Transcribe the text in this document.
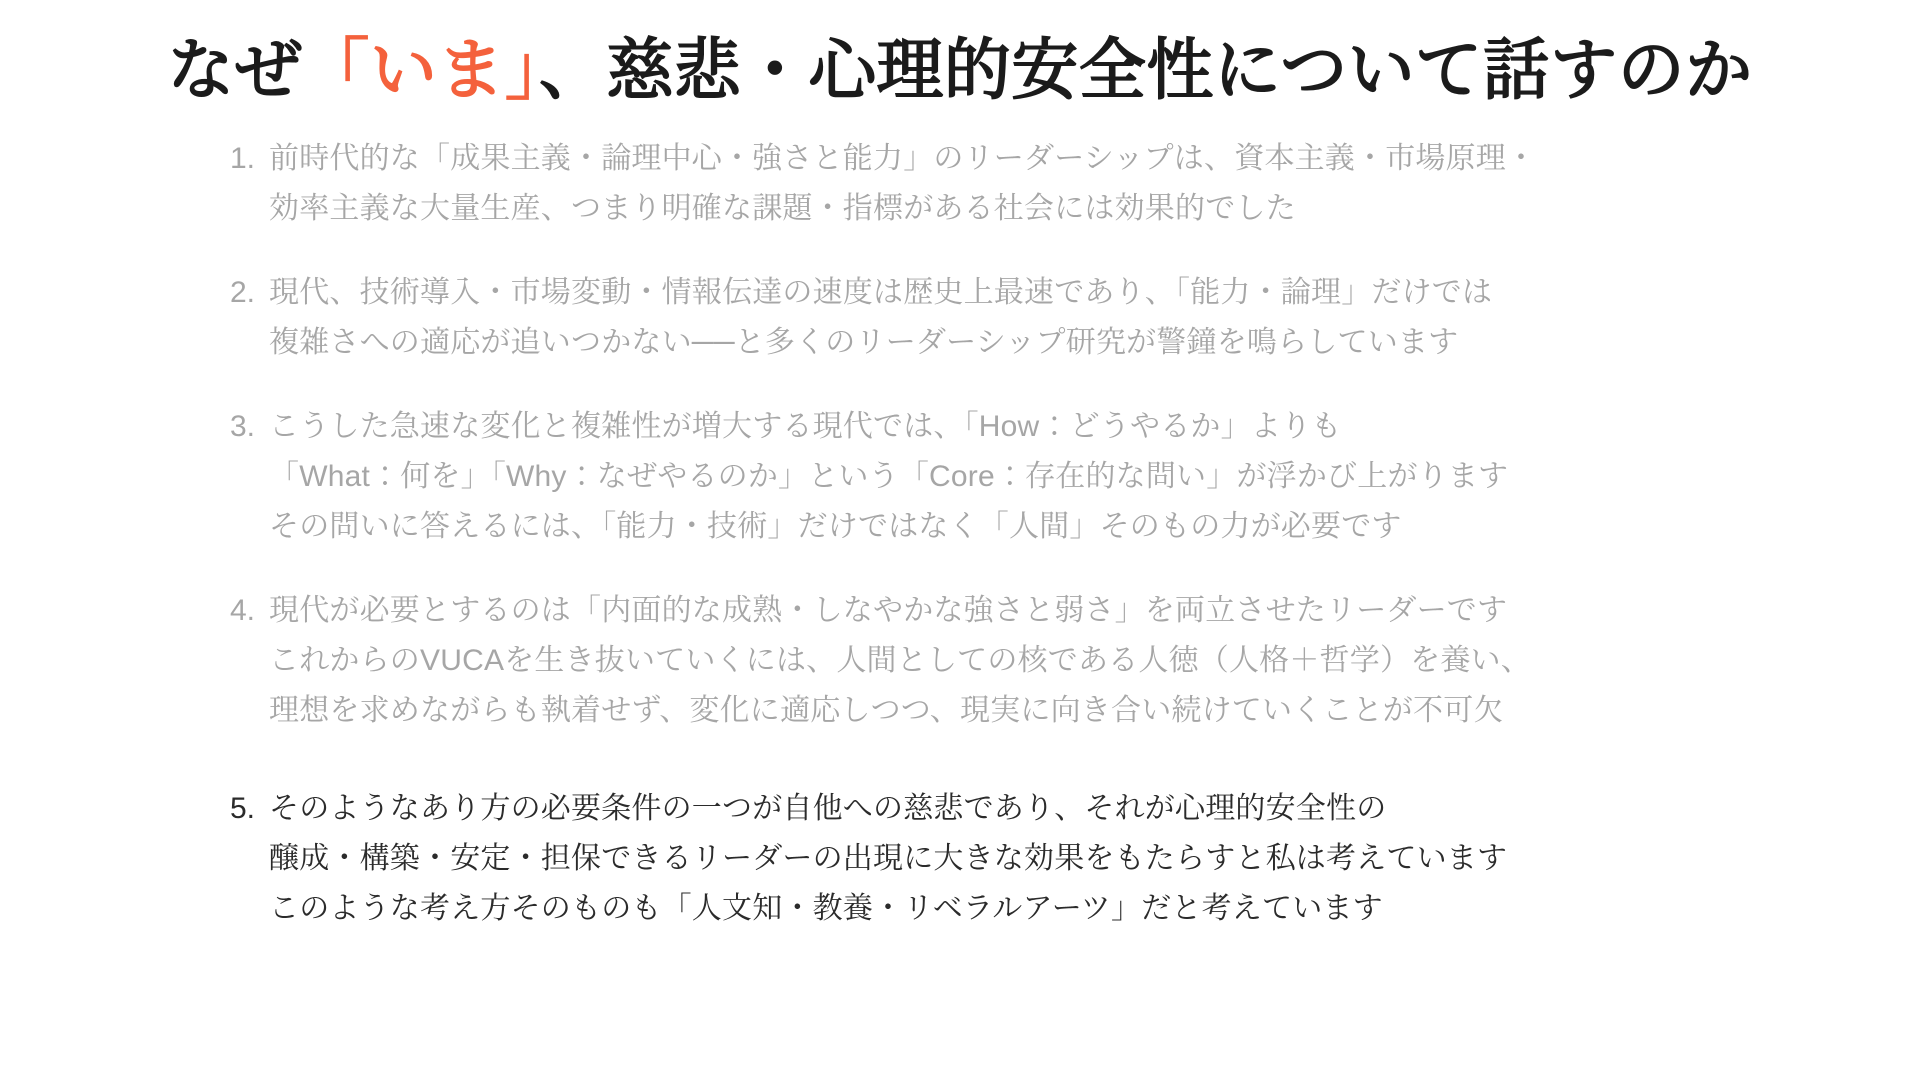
なぜ「いま」、慈悲・心理的安全性について話すのか
1. 前時代的な「成果主義・論理中心・強さと能力」のリーダーシップは、資本主義・市場原理・
効率主義な大量生産、つまり明確な課題・指標がある社会には効果的でした
2. 現代、技術導入・市場変動・情報伝達の速度は歴史上最速であり、「能力・論理」だけでは
複雑さへの適応が追いつかない──と多くのリーダーシップ研究が警鐘を鳴らしています
3. こうした急速な変化と複雑性が増大する現代では、「How：どうやるか」よりも
「What：何を」「Why：なぜやるのか」という「Core：存在的な問い」が浮かび上がります
その問いに答えるには、「能力・技術」だけではなく「人間」そのもの力が必要です
4. 現代が必要とするのは「内面的な成熟・しなやかな強さと弱さ」を両立させたリーダーです
これからのVUCAを生き抜いていくには、人間としての核である人徳（人格＋哲学）を養い、
理想を求めながらも執着せず、変化に適応しつつ、現実に向き合い続けていくことが不可欠
5. そのようなあり方の必要条件の一つが自他への慈悲であり、それが心理的安全性の
醸成・構築・安定・担保できるリーダーの出現に大きな効果をもたらすと私は考えています
このような考え方そのものも「人文知・教養・リベラルアーツ」だと考えています
